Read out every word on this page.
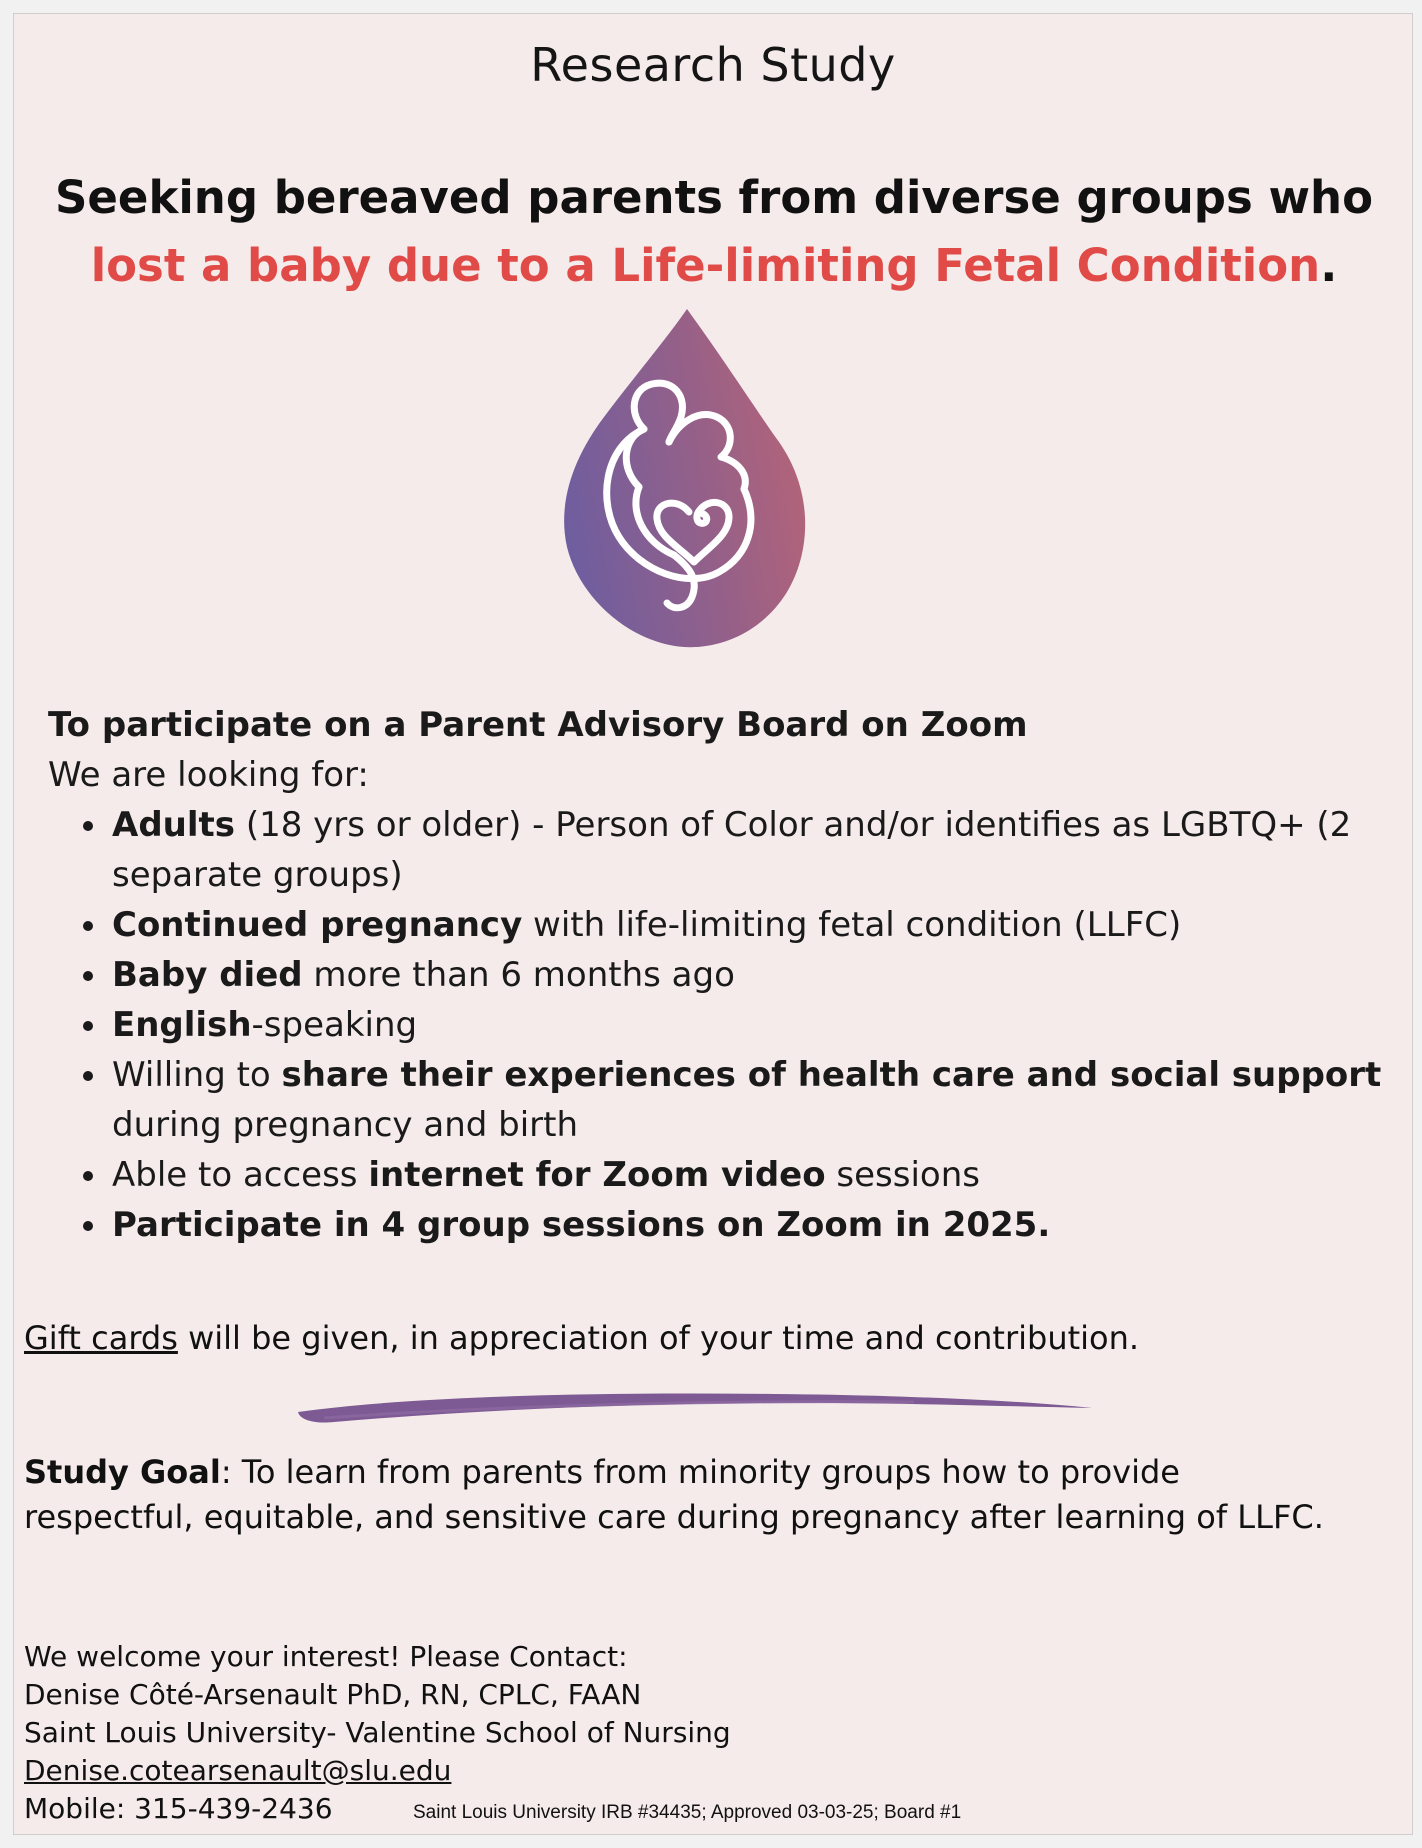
Research Study
Seeking bereaved parents from diverse groups who lost a baby due to a Life-limiting Fetal Condition.
To participate on a Parent Advisory Board on Zoom
We are looking for:
• Adults (18 yrs or older) - Person of Color and/or identifies as LGBTQ+ (2 separate groups)
• Continued pregnancy with life-limiting fetal condition (LLFC)
• Baby died more than 6 months ago
• English-speaking
• Willing to share their experiences of health care and social support during pregnancy and birth
• Able to access internet for Zoom video sessions
• Participate in 4 group sessions on Zoom in 2025.
Gift cards will be given, in appreciation of your time and contribution.
Study Goal: To learn from parents from minority groups how to provide respectful, equitable, and sensitive care during pregnancy after learning of LLFC.
We welcome your interest! Please Contact:
Denise Côté-Arsenault PhD, RN, CPLC, FAAN
Saint Louis University- Valentine School of Nursing
Denise.cotearsenault@slu.edu
Mobile: 315-439-2436	Saint Louis University IRB #34435; Approved 03-03-25; Board #1
